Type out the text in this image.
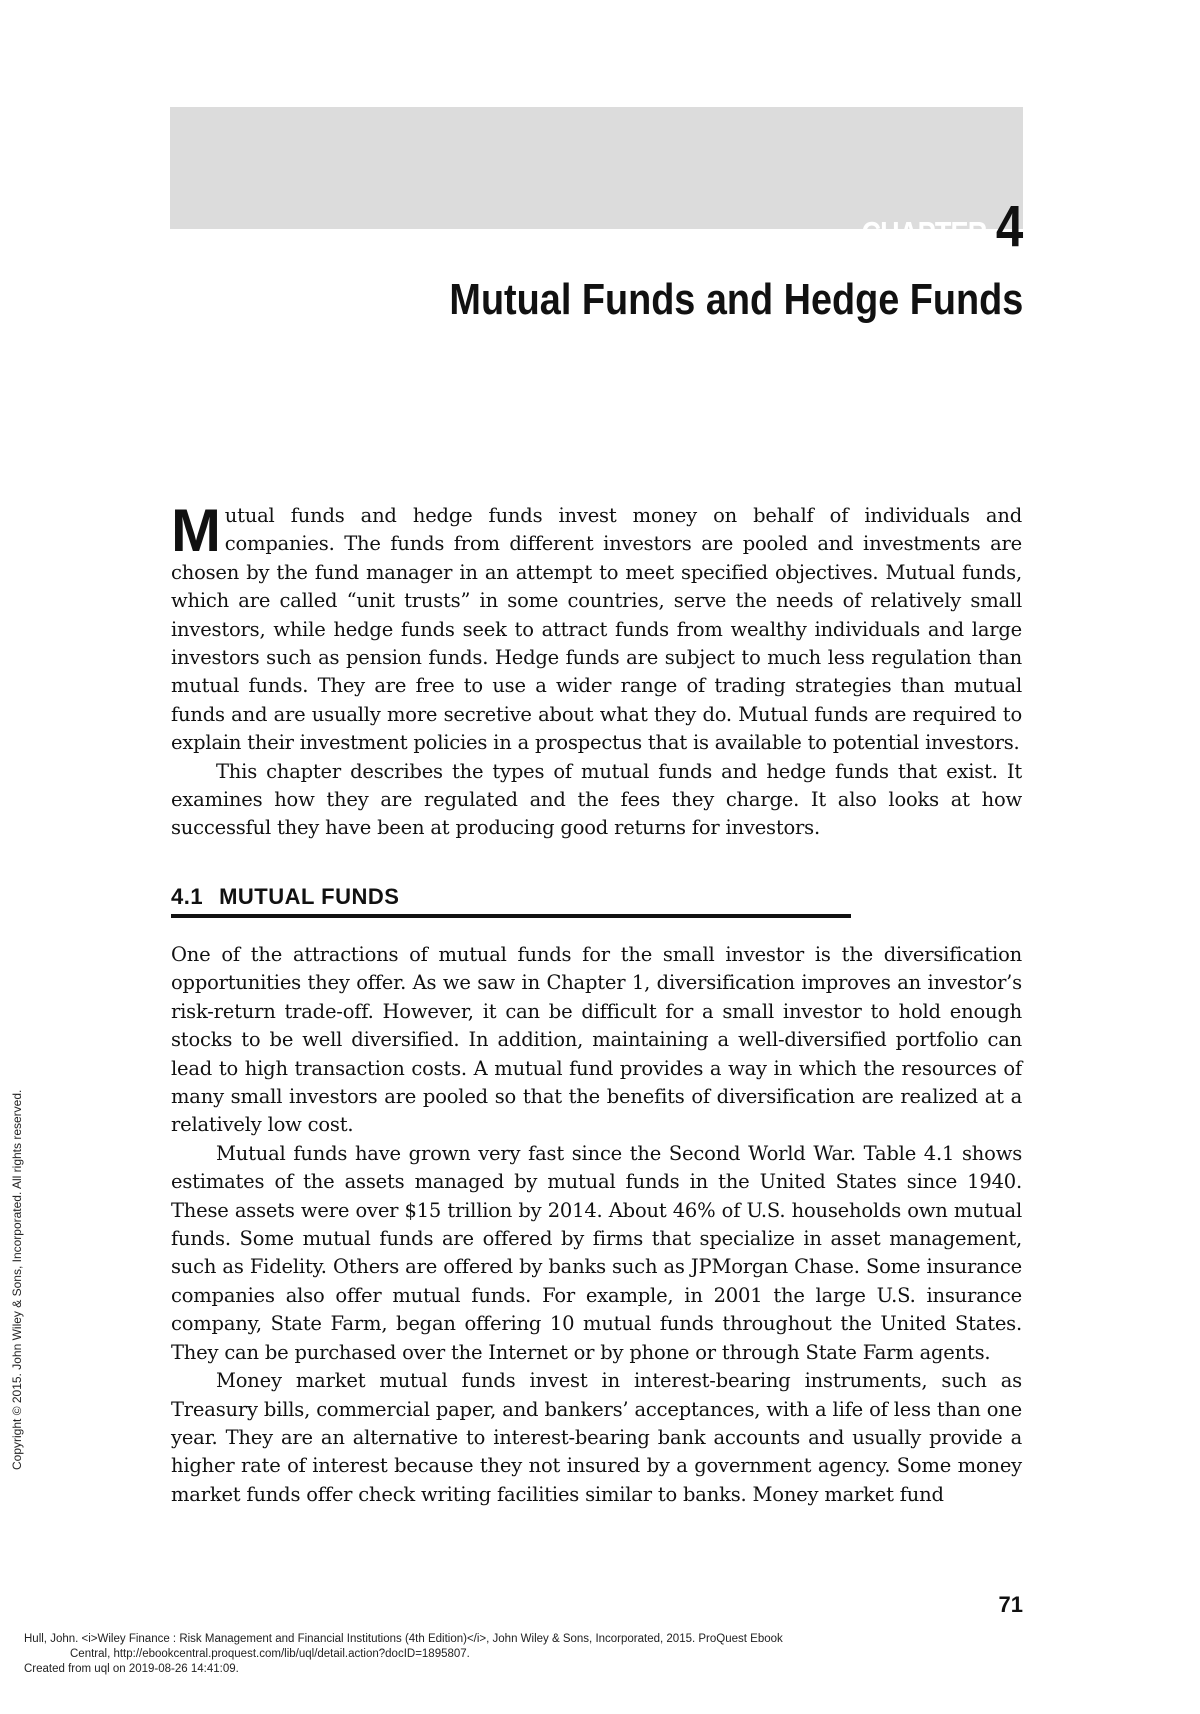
CHAPTER 4
Mutual Funds and Hedge Funds

Mutual funds and hedge funds invest money on behalf of individuals and companies. The funds from different investors are pooled and investments are chosen by the fund manager in an attempt to meet specified objectives. Mutual funds, which are called “unit trusts” in some countries, serve the needs of relatively small investors, while hedge funds seek to attract funds from wealthy individuals and large investors such as pension funds. Hedge funds are subject to much less regulation than mutual funds. They are free to use a wider range of trading strategies than mutual funds and are usually more secretive about what they do. Mutual funds are required to explain their investment policies in a prospectus that is available to potential investors.

This chapter describes the types of mutual funds and hedge funds that exist. It examines how they are regulated and the fees they charge. It also looks at how successful they have been at producing good returns for investors.

4.1 MUTUAL FUNDS

One of the attractions of mutual funds for the small investor is the diversification opportunities they offer. As we saw in Chapter 1, diversification improves an investor’s risk-return trade-off. However, it can be difficult for a small investor to hold enough stocks to be well diversified. In addition, maintaining a well-diversified portfolio can lead to high transaction costs. A mutual fund provides a way in which the resources of many small investors are pooled so that the benefits of diversification are realized at a relatively low cost.

Mutual funds have grown very fast since the Second World War. Table 4.1 shows estimates of the assets managed by mutual funds in the United States since 1940. These assets were over $15 trillion by 2014. About 46% of U.S. households own mutual funds. Some mutual funds are offered by firms that specialize in asset management, such as Fidelity. Others are offered by banks such as JPMorgan Chase. Some insurance companies also offer mutual funds. For example, in 2001 the large U.S. insurance company, State Farm, began offering 10 mutual funds throughout the United States. They can be purchased over the Internet or by phone or through State Farm agents.

Money market mutual funds invest in interest-bearing instruments, such as Treasury bills, commercial paper, and bankers’ acceptances, with a life of less than one year. They are an alternative to interest-bearing bank accounts and usually provide a higher rate of interest because they not insured by a government agency. Some money market funds offer check writing facilities similar to banks. Money market fund

71
Copyright © 2015. John Wiley & Sons, Incorporated. All rights reserved.
Hull, John. <i>Wiley Finance : Risk Management and Financial Institutions (4th Edition)</i>, John Wiley & Sons, Incorporated, 2015. ProQuest Ebook
Central, http://ebookcentral.proquest.com/lib/uql/detail.action?docID=1895807.
Created from uql on 2019-08-26 14:41:09.
